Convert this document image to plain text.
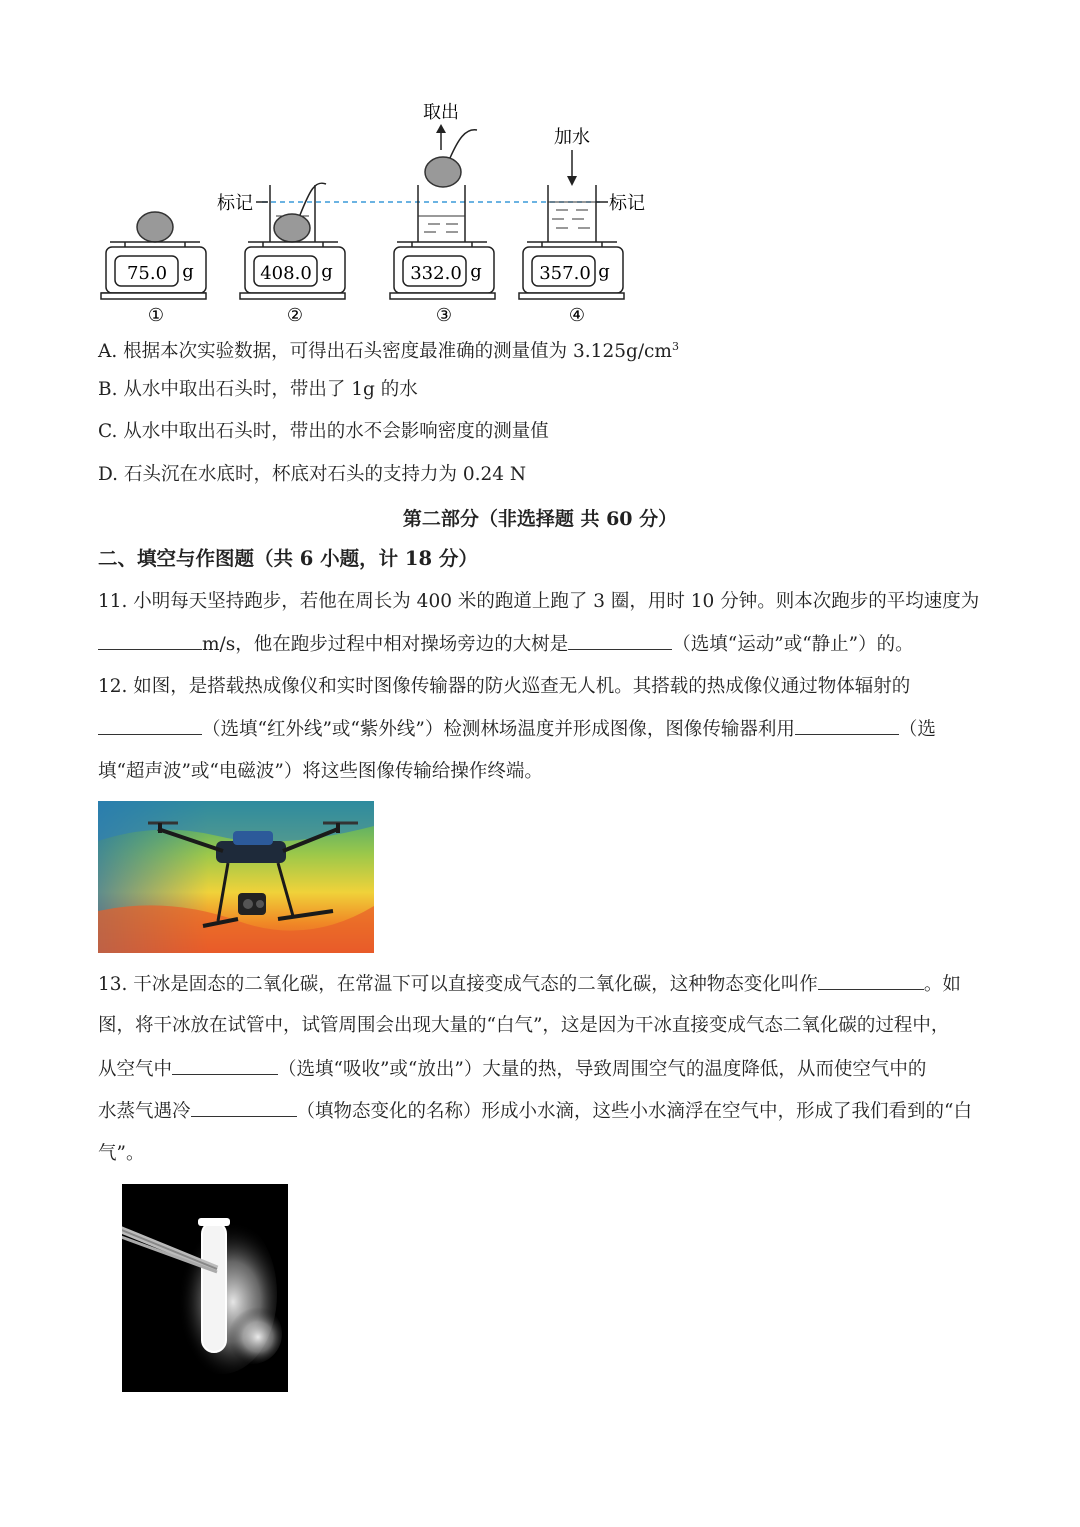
取出
加水
标记	标记
75.0 g
①
408.0 g
②
332.0 g
③
357.0 g
④
A. 根据本次实验数据，可得出石头密度最准确的测量值为 $3.125g/cm^3$
B. 从水中取出石头时，带出了 1g 的水
C. 从水中取出石头时，带出的水不会影响密度的测量值
D. 石头沉在水底时，杯底对石头的支持力为 0.24 N
第二部分（非选择题 共 60 分）
二、填空与作图题（共 6 小题，计 18 分）
11. 小明每天坚持跑步，若他在周长为 400 米的跑道上跑了 3 圈，用时 10 分钟。则本次跑步的平均速度为
m/s，他在跑步过程中相对操场旁边的大树是	（选填“运动”或“静止”）的。
12. 如图，是搭载热成像仪和实时图像传输器的防火巡查无人机。其搭载的热成像仪通过物体辐射的
（选填“红外线”或“紫外线”）检测林场温度并形成图像，图像传输器利用	（选
填“超声波”或“电磁波”）将这些图像传输给操作终端。
13. 干冰是固态的二氧化碳，在常温下可以直接变成气态的二氧化碳，这种物态变化叫作	。如
图，将干冰放在试管中，试管周围会出现大量的“白气”，这是因为干冰直接变成气态二氧化碳的过程中，
从空气中	（选填“吸收”或“放出”）大量的热，导致周围空气的温度降低，从而使空气中的
水蒸气遇冷	（填物态变化的名称）形成小水滴，这些小水滴浮在空气中，形成了我们看到的“白
气”。
